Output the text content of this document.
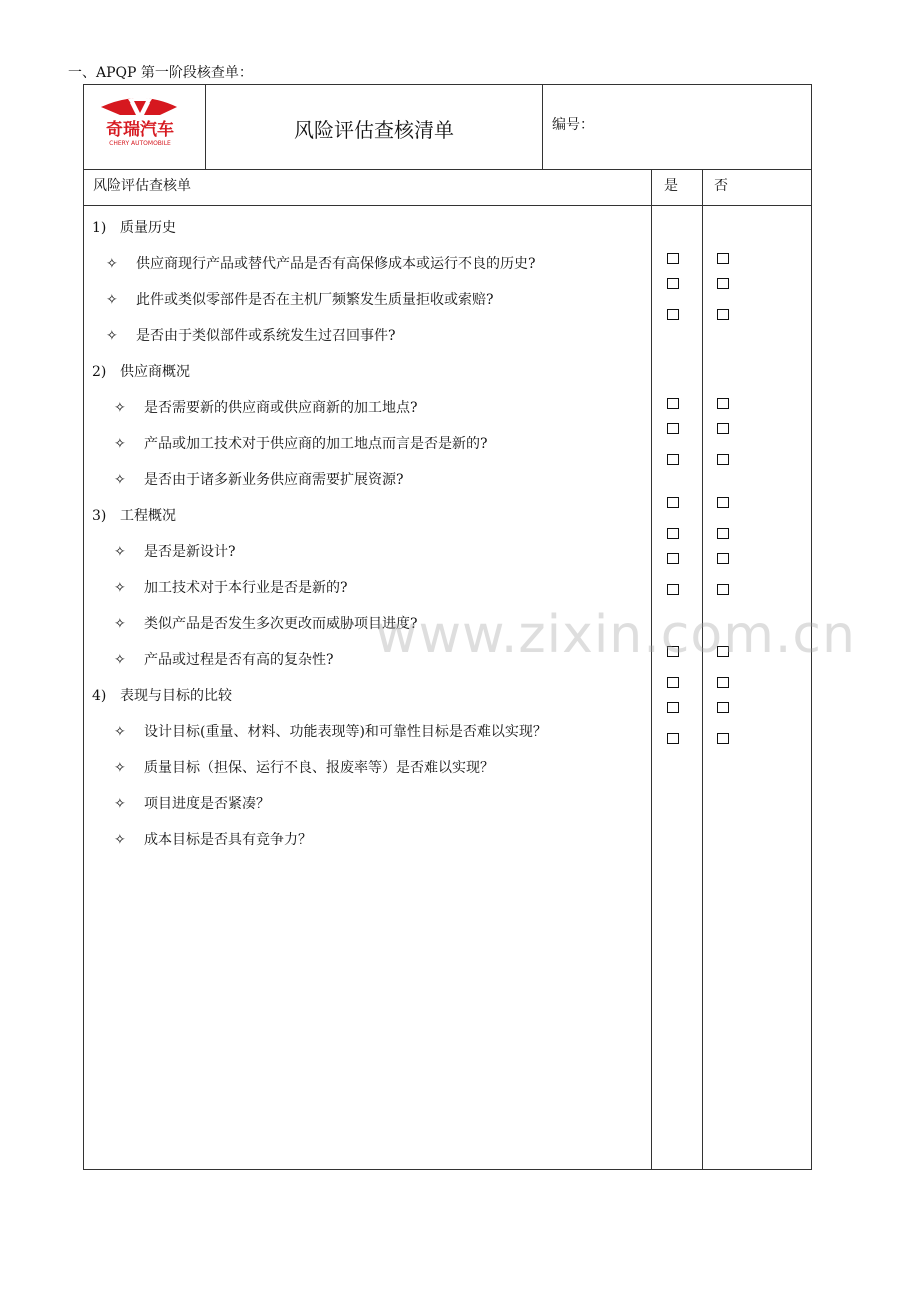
一、APQP 第一阶段核查单：
奇瑞汽车
CHERY AUTOMOBILE
风险评估查核清单	编号：
风险评估查核单	是	否
1) 质量历史
✧ 供应商现行产品或替代产品是否有高保修成本或运行不良的历史?
✧ 此件或类似零部件是否在主机厂频繁发生质量拒收或索赔?
✧ 是否由于类似部件或系统发生过召回事件?
2) 供应商概况
✧ 是否需要新的供应商或供应商新的加工地点?
✧ 产品或加工技术对于供应商的加工地点而言是否是新的?
✧ 是否由于诸多新业务供应商需要扩展资源?
3) 工程概况
✧ 是否是新设计?
✧ 加工技术对于本行业是否是新的?
✧ 类似产品是否发生多次更改而威胁项目进度?
✧ 产品或过程是否有高的复杂性?
4) 表现与目标的比较
✧ 设计目标(重量、材料、功能表现等)和可靠性目标是否难以实现？
✧ 质量目标（担保、运行不良、报废率等）是否难以实现？
✧ 项目进度是否紧凑？
✧ 成本目标是否具有竞争力？
www.zixin.com.cn
